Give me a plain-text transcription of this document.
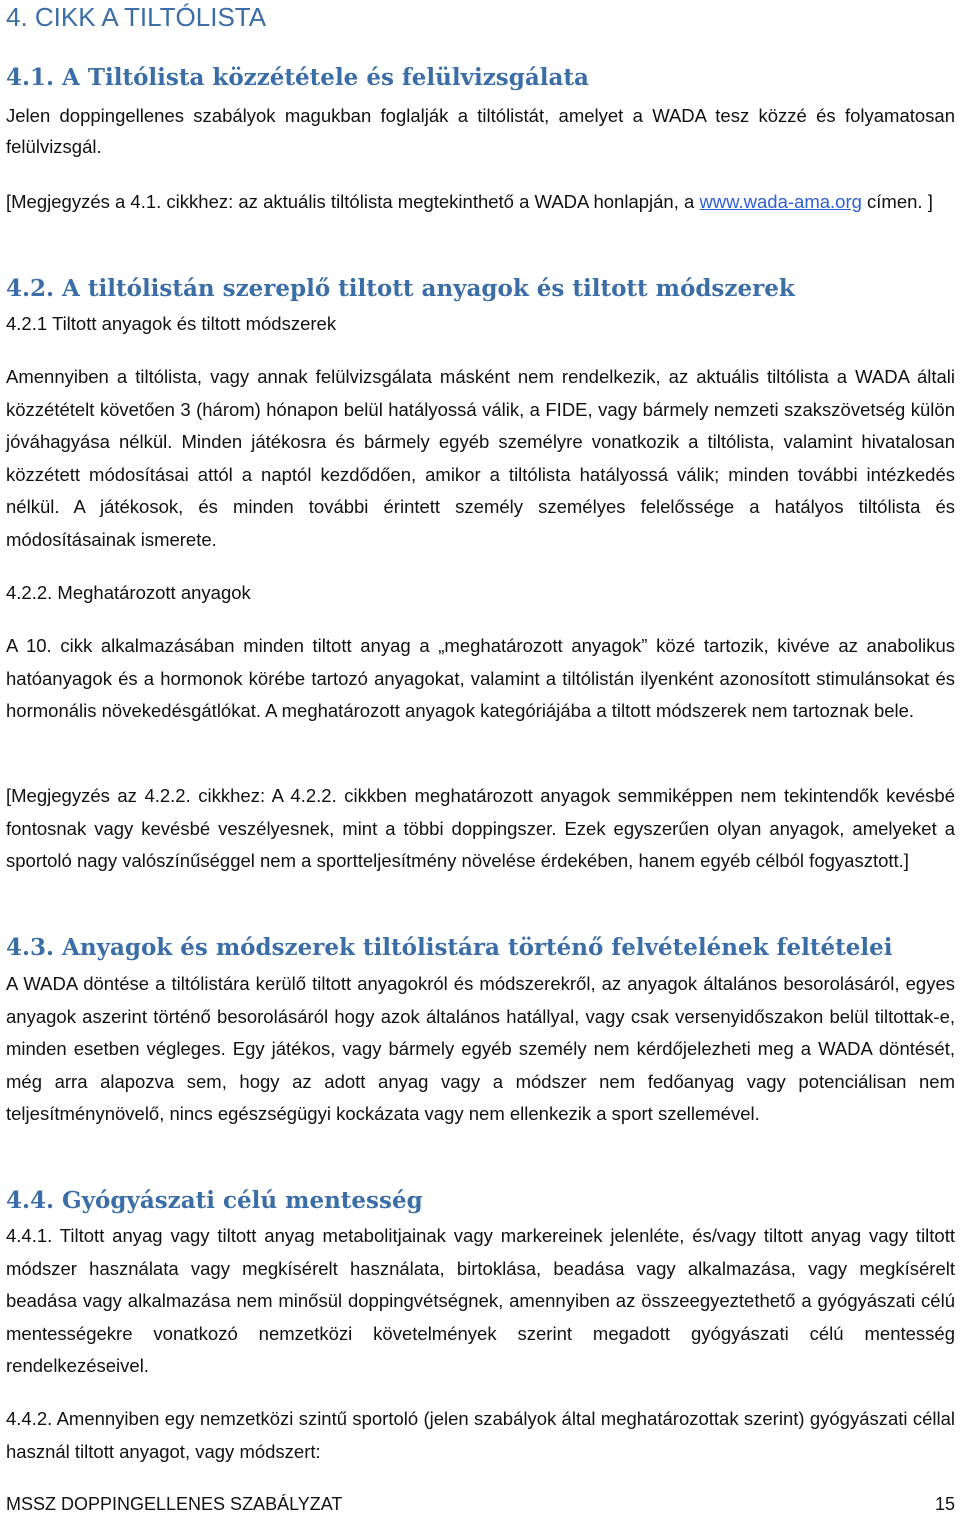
4. CIKK A TILTÓLISTA
4.1. A Tiltólista közzététele és felülvizsgálata

Jelen doppingellenes szabályok magukban foglalják a tiltólistát, amelyet a WADA tesz közzé és folyamatosan felülvizsgál.

[Megjegyzés a 4.1. cikkhez: az aktuális tiltólista megtekinthető a WADA honlapján, a www.wada-ama.org címen. ]

4.2. A tiltólistán szereplő tiltott anyagok és tiltott módszerek

4.2.1 Tiltott anyagok és tiltott módszerek

Amennyiben a tiltólista, vagy annak felülvizsgálata másként nem rendelkezik, az aktuális tiltólista a WADA általi közzétételt követően 3 (három) hónapon belül hatályossá válik, a FIDE, vagy bármely nemzeti szakszövetség külön jóváhagyása nélkül. Minden játékosra és bármely egyéb személyre vonatkozik a tiltólista, valamint hivatalosan közzétett módosításai attól a naptól kezdődően, amikor a tiltólista hatályossá válik; minden további intézkedés nélkül. A játékosok, és minden további érintett személy személyes felelőssége a hatályos tiltólista és módosításainak ismerete.

4.2.2. Meghatározott anyagok

A 10. cikk alkalmazásában minden tiltott anyag a „meghatározott anyagok” közé tartozik, kivéve az anabolikus hatóanyagok és a hormonok körébe tartozó anyagokat, valamint a tiltólistán ilyenként azonosított stimulánsokat és hormonális növekedésgátlókat. A meghatározott anyagok kategóriájába a tiltott módszerek nem tartoznak bele.

[Megjegyzés az 4.2.2. cikkhez: A 4.2.2. cikkben meghatározott anyagok semmiképpen nem tekintendők kevésbé fontosnak vagy kevésbé veszélyesnek, mint a többi doppingszer. Ezek egyszerűen olyan anyagok, amelyeket a sportoló nagy valószínűséggel nem a sportteljesítmény növelése érdekében, hanem egyéb célból fogyasztott.]

4.3. Anyagok és módszerek tiltólistára történő felvételének feltételei

A WADA döntése a tiltólistára kerülő tiltott anyagokról és módszerekről, az anyagok általános besorolásáról, egyes anyagok aszerint történő besorolásáról hogy azok általános hatállyal, vagy csak versenyidőszakon belül tiltottak-e, minden esetben végleges. Egy játékos, vagy bármely egyéb személy nem kérdőjelezheti meg a WADA döntését, még arra alapozva sem, hogy az adott anyag vagy a módszer nem fedőanyag vagy potenciálisan nem teljesítménynövelő, nincs egészségügyi kockázata vagy nem ellenkezik a sport szellemével.

4.4. Gyógyászati célú mentesség

4.4.1. Tiltott anyag vagy tiltott anyag metabolitjainak vagy markereinek jelenléte, és/vagy tiltott anyag vagy tiltott módszer használata vagy megkísérelt használata, birtoklása, beadása vagy alkalmazása, vagy megkísérelt beadása vagy alkalmazása nem minősül doppingvétségnek, amennyiben az összeegyeztethető a gyógyászati célú mentességekre vonatkozó nemzetközi követelmények szerint megadott gyógyászati célú mentesség rendelkezéseivel.

4.4.2. Amennyiben egy nemzetközi szintű sportoló (jelen szabályok által meghatározottak szerint) gyógyászati céllal használ tiltott anyagot, vagy módszert:

MSSZ DOPPINGELLENES SZABÁLYZAT	15
